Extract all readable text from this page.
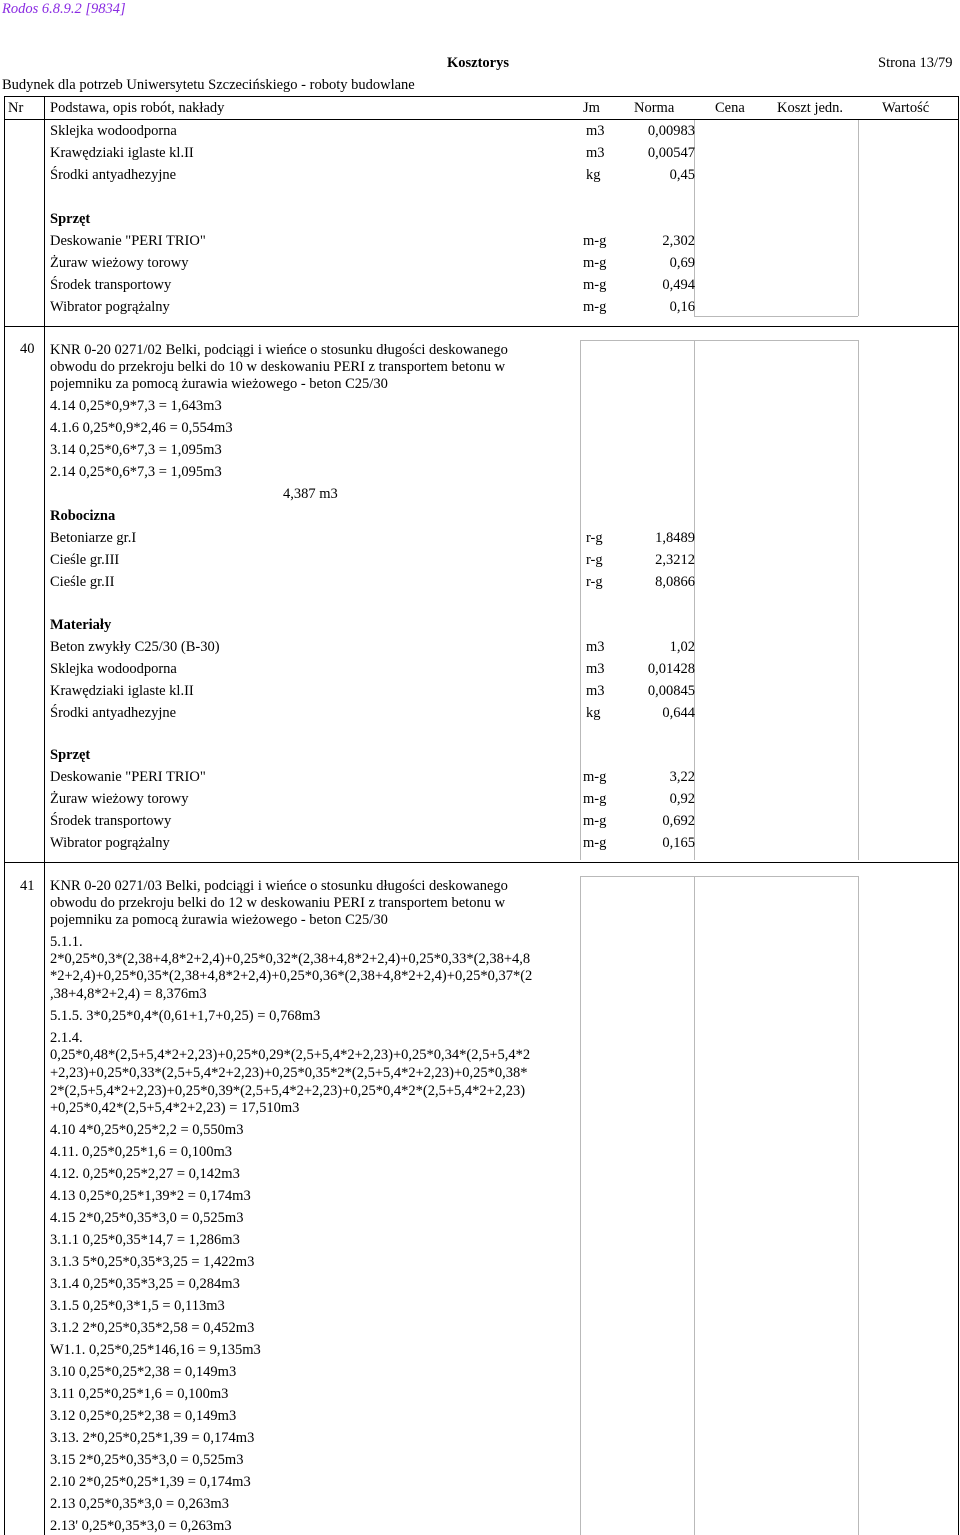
Rodos 6.8.9.2 [9834]
Kosztorys	Strona 13/79
Budynek dla potrzeb Uniwersytetu Szczecińskiego - roboty budowlane
Nr Podstawa, opis robót, nakłady	Jm Norma	Cena Koszt jedn.	Wartość
Sklejka wodoodporna	m3	0,00983
Krawędziaki iglaste kl.II	m3	0,00547
Środki antyadhezyjne	kg	0,45
Sprzęt
Deskowanie "PERI TRIO"	m-g	2,302
Żuraw wieżowy torowy	m-g	0,69
Środek transportowy	m-g	0,494
Wibrator pogrążalny	m-g	0,16
40 KNR 0-20 0271/02 Belki, podciągi i wieńce o stosunku długości deskowanego
obwodu do przekroju belki do 10 w deskowaniu PERI z transportem betonu w
pojemniku za pomocą żurawia wieżowego - beton C25/30
4.14 0,25*0,9*7,3 = 1,643m3
4.1.6 0,25*0,9*2,46 = 0,554m3
3.14 0,25*0,6*7,3 = 1,095m3
2.14 0,25*0,6*7,3 = 1,095m3
4,387 m3
Robocizna
Betoniarze gr.I	r-g	1,8489
Cieśle gr.III	r-g	2,3212
Cieśle gr.II	r-g	8,0866
Materiały
Beton zwykły C25/30 (B-30)	m3	1,02
Sklejka wodoodporna	m3	0,01428
Krawędziaki iglaste kl.II	m3	0,00845
Środki antyadhezyjne	kg	0,644
Sprzęt
Deskowanie "PERI TRIO"	m-g	3,22
Żuraw wieżowy torowy	m-g	0,92
Środek transportowy	m-g	0,692
Wibrator pogrążalny	m-g	0,165
41 KNR 0-20 0271/03 Belki, podciągi i wieńce o stosunku długości deskowanego
obwodu do przekroju belki do 12 w deskowaniu PERI z transportem betonu w
pojemniku za pomocą żurawia wieżowego - beton C25/30
5.1.1.
2*0,25*0,3*(2,38+4,8*2+2,4)+0,25*0,32*(2,38+4,8*2+2,4)+0,25*0,33*(2,38+4,8
*2+2,4)+0,25*0,35*(2,38+4,8*2+2,4)+0,25*0,36*(2,38+4,8*2+2,4)+0,25*0,37*(2
,38+4,8*2+2,4) = 8,376m3
5.1.5. 3*0,25*0,4*(0,61+1,7+0,25) = 0,768m3
2.1.4.
0,25*0,48*(2,5+5,4*2+2,23)+0,25*0,29*(2,5+5,4*2+2,23)+0,25*0,34*(2,5+5,4*2
+2,23)+0,25*0,33*(2,5+5,4*2+2,23)+0,25*0,35*2*(2,5+5,4*2+2,23)+0,25*0,38*
2*(2,5+5,4*2+2,23)+0,25*0,39*(2,5+5,4*2+2,23)+0,25*0,4*2*(2,5+5,4*2+2,23)
+0,25*0,42*(2,5+5,4*2+2,23) = 17,510m3
4.10 4*0,25*0,25*2,2 = 0,550m3
4.11. 0,25*0,25*1,6 = 0,100m3
4.12. 0,25*0,25*2,27 = 0,142m3
4.13 0,25*0,25*1,39*2 = 0,174m3
4.15 2*0,25*0,35*3,0 = 0,525m3
3.1.1 0,25*0,35*14,7 = 1,286m3
3.1.3 5*0,25*0,35*3,25 = 1,422m3
3.1.4 0,25*0,35*3,25 = 0,284m3
3.1.5 0,25*0,3*1,5 = 0,113m3
3.1.2 2*0,25*0,35*2,58 = 0,452m3
W1.1. 0,25*0,25*146,16 = 9,135m3
3.10 0,25*0,25*2,38 = 0,149m3
3.11 0,25*0,25*1,6 = 0,100m3
3.12 0,25*0,25*2,38 = 0,149m3
3.13. 2*0,25*0,25*1,39 = 0,174m3
3.15 2*0,25*0,35*3,0 = 0,525m3
2.10 2*0,25*0,25*1,39 = 0,174m3
2.13 0,25*0,35*3,0 = 0,263m3
2.13' 0,25*0,35*3,0 = 0,263m3
